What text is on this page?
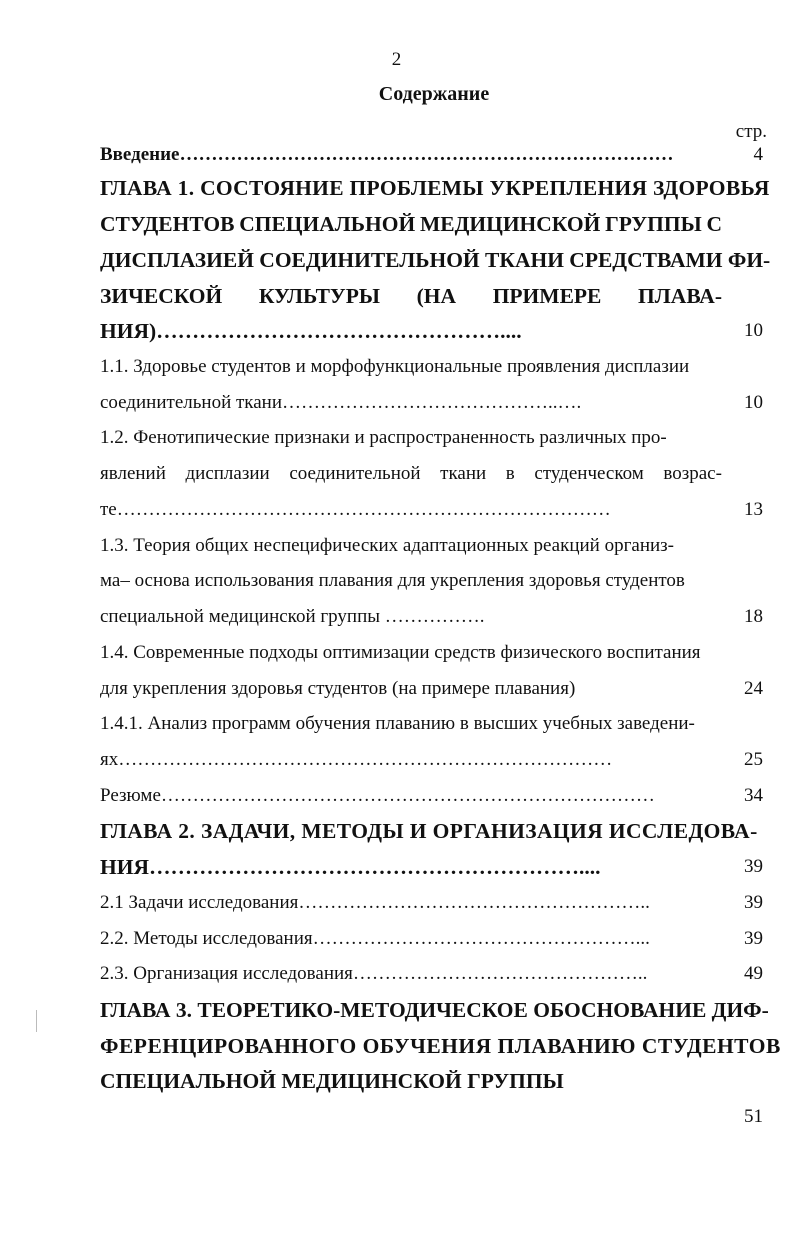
2
Содержание
стр.
Введение……………………………………………………………………	4
ГЛАВА 1. СОСТОЯНИЕ ПРОБЛЕМЫ УКРЕПЛЕНИЯ ЗДОРОВЬЯ
СТУДЕНТОВ СПЕЦИАЛЬНОЙ МЕДИЦИНСКОЙ ГРУППЫ С
ДИСПЛАЗИЕЙ СОЕДИНИТЕЛЬНОЙ ТКАНИ СРЕДСТВАМИ ФИ-
ЗИЧЕСКОЙ КУЛЬТУРЫ (НА ПРИМЕРЕ ПЛАВА-
НИЯ)…………………………………………....	10
1.1. Здоровье студентов и морфофункциональные проявления дисплазии
соединительной ткани……………………………………..….	10
1.2. Фенотипические признаки и распространенность различных про-
явлений дисплазии соединительной ткани в студенческом возрас-
те……………………………………………………………………	13
1.3. Теория общих неспецифических адаптационных реакций организ-
ма– основа использования плавания для укрепления здоровья студентов
специальной медицинской группы …………….	18
1.4. Современные подходы оптимизации средств физического воспитания
для укрепления здоровья студентов (на примере плавания)	24
1.4.1. Анализ программ обучения плаванию в высших учебных заведени-
ях……………………………………………………………………	25
Резюме……………………………………………………………………	34
ГЛАВА 2. ЗАДАЧИ, МЕТОДЫ И ОРГАНИЗАЦИЯ ИССЛЕДОВА-
НИЯ……………………………………………………....	39
2.1 Задачи исследования………………………………………………..	39
2.2. Методы исследования……………………………………………...	39
2.3. Организация исследования………………………………………..	49
ГЛАВА 3. ТЕОРЕТИКО-МЕТОДИЧЕСКОЕ ОБОСНОВАНИЕ ДИФ-
ФЕРЕНЦИРОВАННОГО ОБУЧЕНИЯ ПЛАВАНИЮ СТУДЕНТОВ
СПЕЦИАЛЬНОЙ МЕДИЦИНСКОЙ ГРУППЫ
51
